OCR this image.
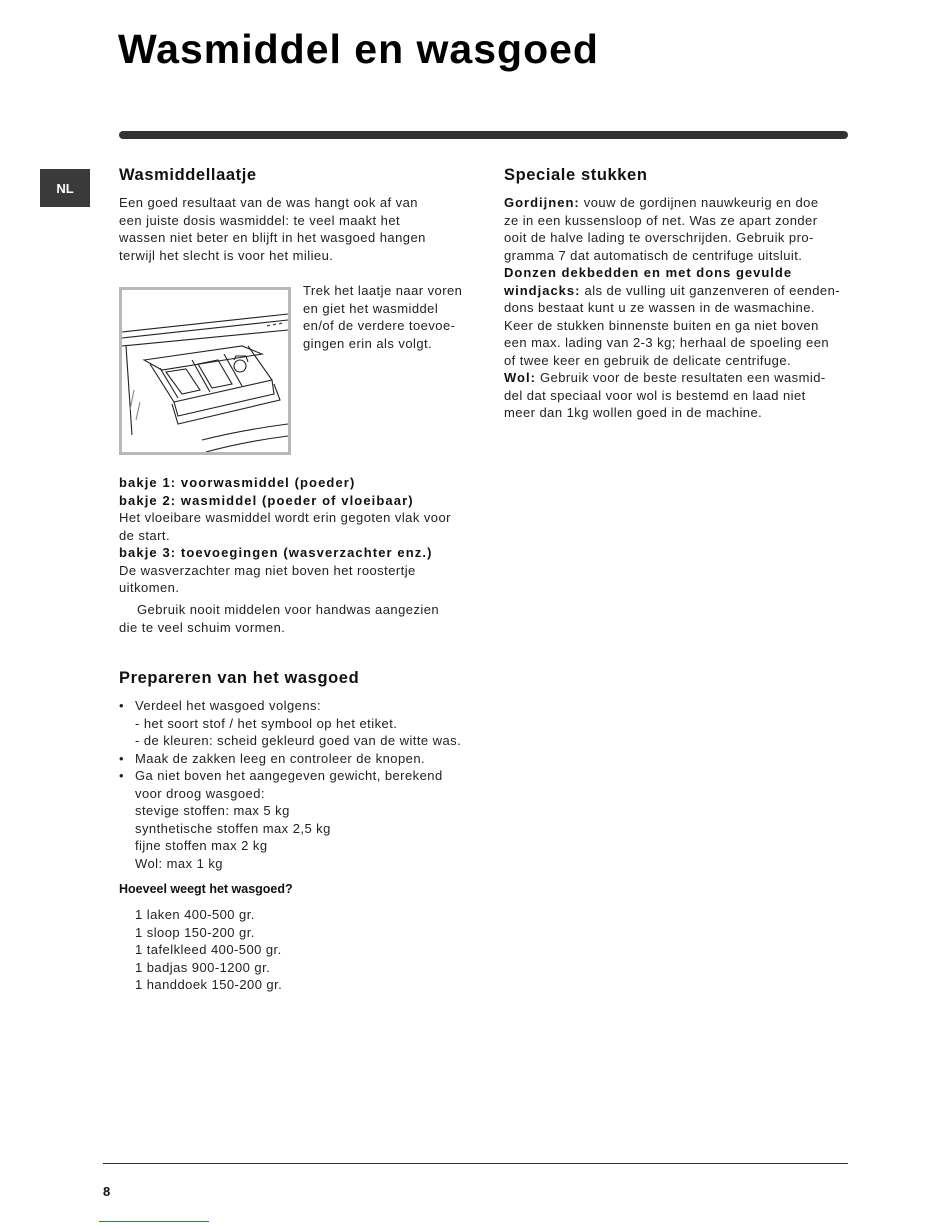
Wasmiddel en wasgoed
NL
Wasmiddellaatje
Een goed resultaat van de was hangt ook af van
een juiste dosis wasmiddel: te veel maakt het
wassen niet beter en blijft in het wasgoed hangen
terwijl het slecht is voor het milieu.
Trek het laatje naar voren
en giet het wasmiddel
en/of de verdere toevoe-
gingen erin als volgt.
bakje 1: voorwasmiddel (poeder)
bakje 2: wasmiddel (poeder of vloeibaar)
Het vloeibare wasmiddel wordt erin gegoten vlak voor
de start.
bakje 3: toevoegingen (wasverzachter enz.)
De wasverzachter mag niet boven het roostertje
uitkomen.
Gebruik nooit middelen voor handwas aangezien
die te veel schuim vormen.
Prepareren van het wasgoed
• Verdeel het wasgoed volgens:
- het soort stof / het symbool op het etiket.
- de kleuren: scheid gekleurd goed van de witte was.
• Maak de zakken leeg en controleer de knopen.
• Ga niet boven het aangegeven gewicht, berekend
voor droog wasgoed:
stevige stoffen: max 5 kg
synthetische stoffen max 2,5 kg
fijne stoffen max 2 kg
Wol: max 1 kg
Hoeveel weegt het wasgoed?
1 laken 400-500 gr.
1 sloop 150-200 gr.
1 tafelkleed 400-500 gr.
1 badjas 900-1200 gr.
1 handdoek 150-200 gr.
Speciale stukken
Gordijnen: vouw de gordijnen nauwkeurig en doe
ze in een kussensloop of net. Was ze apart zonder
ooit de halve lading te overschrijden. Gebruik pro-
gramma 7 dat automatisch de centrifuge uitsluit.
Donzen dekbedden en met dons gevulde
windjacks: als de vulling uit ganzenveren of eenden-
dons bestaat kunt u ze wassen in de wasmachine.
Keer de stukken binnenste buiten en ga niet boven
een max. lading van 2-3 kg; herhaal de spoeling een
of twee keer en gebruik de delicate centrifuge.
Wol: Gebruik voor de beste resultaten een wasmid-
del dat speciaal voor wol is bestemd en laad niet
meer dan 1kg wollen goed in de machine.
8
